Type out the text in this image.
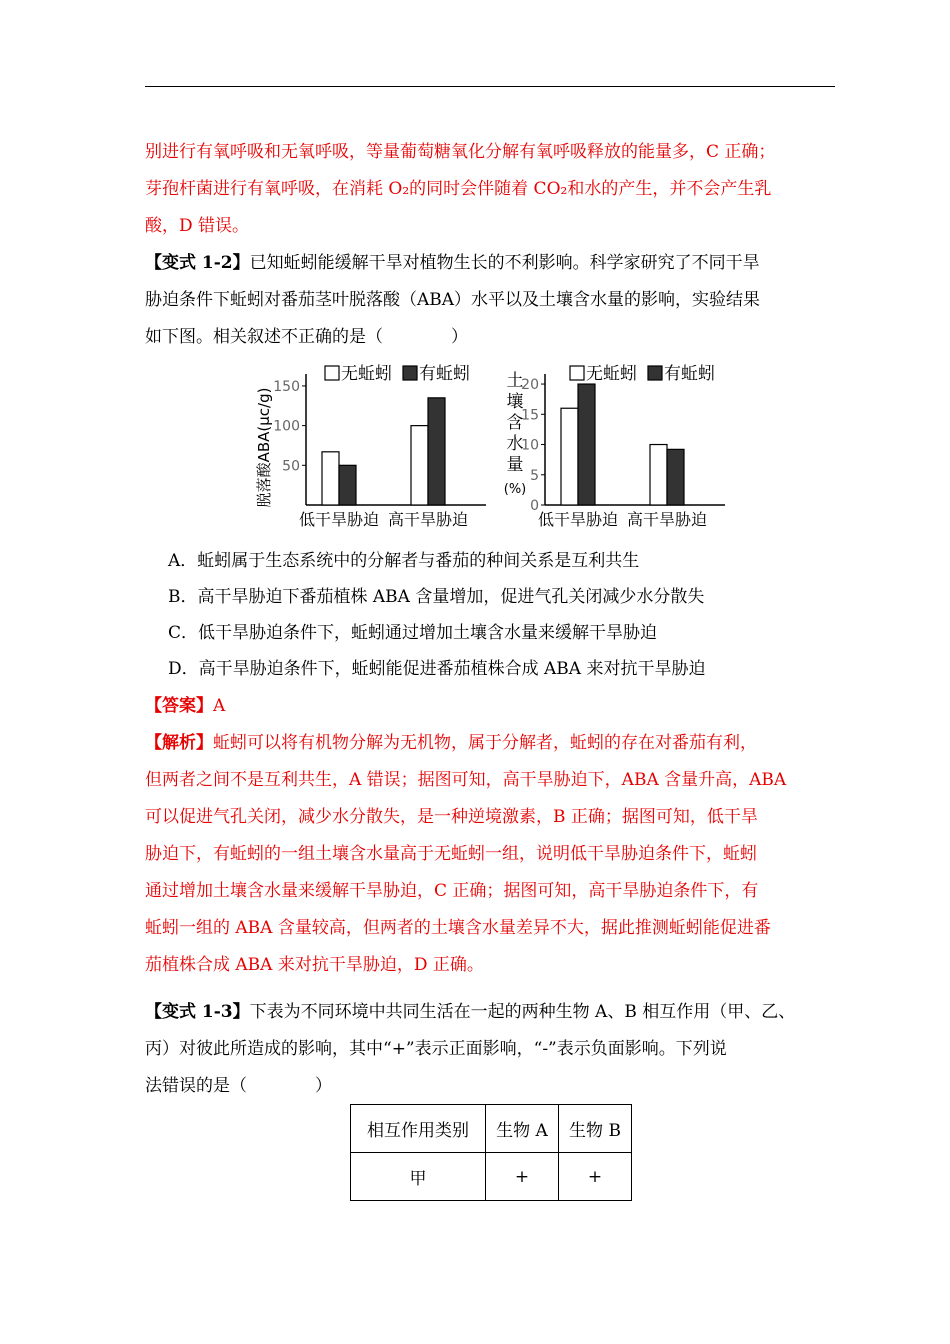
别进行有氧呼吸和无氧呼吸，等量葡萄糖氧化分解有氧呼吸释放的能量多，C 正确；

芽孢杆菌进行有氧呼吸，在消耗 O₂的同时会伴随着 CO₂和水的产生，并不会产生乳

酸，D 错误。

【变式 1-2】已知蚯蚓能缓解干旱对植物生长的不利影响。科学家研究了不同干旱

胁迫条件下蚯蚓对番茄茎叶脱落酸（ABA）水平以及土壤含水量的影响，实验结果

如下图。相关叙述不正确的是（　　　　）

50
100
150
脱落酸ABA(μc/g)
低干旱胁迫 高干旱胁迫
无蚯蚓 有蚯蚓
0
5
10
15
20
土
壤
含
水
量
(%)
低干旱胁迫 高干旱胁迫
无蚯蚓 有蚯蚓

A．蚯蚓属于生态系统中的分解者与番茄的种间关系是互利共生

B．高干旱胁迫下番茄植株 ABA 含量增加，促进气孔关闭减少水分散失

C．低干旱胁迫条件下，蚯蚓通过增加土壤含水量来缓解干旱胁迫

D．高干旱胁迫条件下，蚯蚓能促进番茄植株合成 ABA 来对抗干旱胁迫

【答案】A

【解析】蚯蚓可以将有机物分解为无机物，属于分解者，蚯蚓的存在对番茄有利，

但两者之间不是互利共生，A 错误；据图可知，高干旱胁迫下，ABA 含量升高，ABA

可以促进气孔关闭，减少水分散失，是一种逆境激素，B 正确；据图可知，低干旱

胁迫下，有蚯蚓的一组土壤含水量高于无蚯蚓一组，说明低干旱胁迫条件下，蚯蚓

通过增加土壤含水量来缓解干旱胁迫，C 正确；据图可知，高干旱胁迫条件下，有

蚯蚓一组的 ABA 含量较高，但两者的土壤含水量差异不大，据此推测蚯蚓能促进番

茄植株合成 ABA 来对抗干旱胁迫，D 正确。

【变式 1-3】下表为不同环境中共同生活在一起的两种生物 A、B 相互作用（甲、乙、

丙）对彼此所造成的影响，其中“+”表示正面影响，“-”表示负面影响。下列说

法错误的是（　　　　）

相互作用类别	生物 A	生物 B
甲	+	+
